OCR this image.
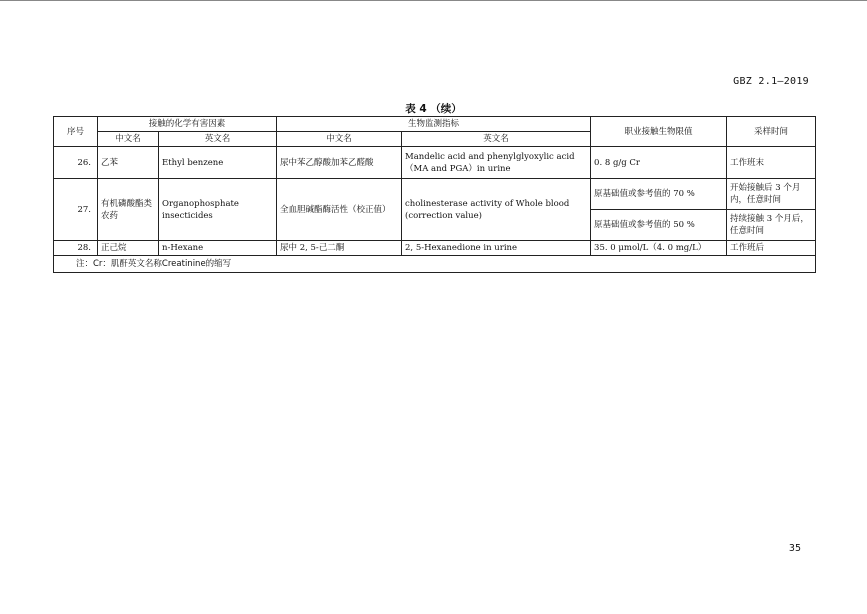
GBZ 2.1—2019
表 4 （续）
序号	接触的化学有害因素		生物监测指标		职业接触生物限值	采样时间
	中文名	英文名	中文名	英文名		
26.	乙苯	Ethyl benzene	尿中苯乙醇酸加苯乙醛酸	Mandelic acid and phenylglyoxylic acid（MA and PGA）in urine	0. 8 g/g Cr	工作班末
27.	有机磷酸酯类农药	Organophosphate insecticides	全血胆碱酯酶活性（校正值）	cholinesterase activity of Whole blood (correction value)	原基础值或参考值的 70 %	开始接触后 3 个月内，任意时间
					原基础值或参考值的 50 %	持续接触 3 个月后，任意时间
28.	正己烷	n-Hexane	尿中 2, 5-己二酮	2, 5-Hexanedione in urine	35. 0 μmol/L（4. 0 mg/L）	工作班后
注：Cr：肌酐英文名称Creatinine的缩写						
35
